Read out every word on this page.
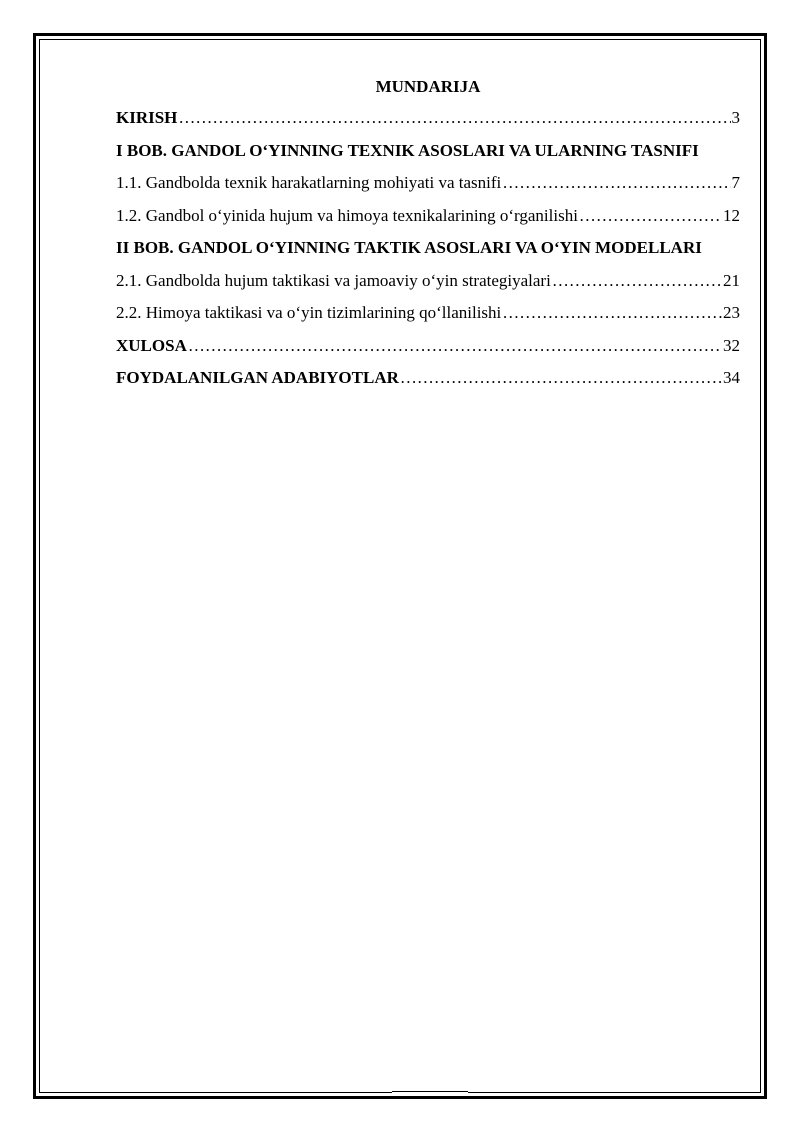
MUNDARIJA

KIRISH ……………………………………………………………………………………………………………………………………………………	3

I BOB. GANDOL O‘YINNING TEXNIK ASOSLARI VA ULARNING TASNIFI

1.1. Gandbolda texnik harakatlarning mohiyati va tasnifi ……………………………………………………………………………………………………………………………………………………	7
1.2. Gandbol o‘yinida hujum va himoya texnikalarining o‘rganilishi ……………………………………………………………………………………………………………………………………………………	12

II BOB. GANDOL O‘YINNING TAKTIK ASOSLARI VA O‘YIN MODELLARI

2.1. Gandbolda hujum taktikasi va jamoaviy o‘yin strategiyalari ……………………………………………………………………………………………………………………………………………………	21
2.2. Himoya taktikasi va o‘yin tizimlarining qo‘llanilishi ……………………………………………………………………………………………………………………………………………………	23
XULOSA ……………………………………………………………………………………………………………………………………………………	32
FOYDALANILGAN ADABIYOTLAR ……………………………………………………………………………………………………………………………………………………	34
